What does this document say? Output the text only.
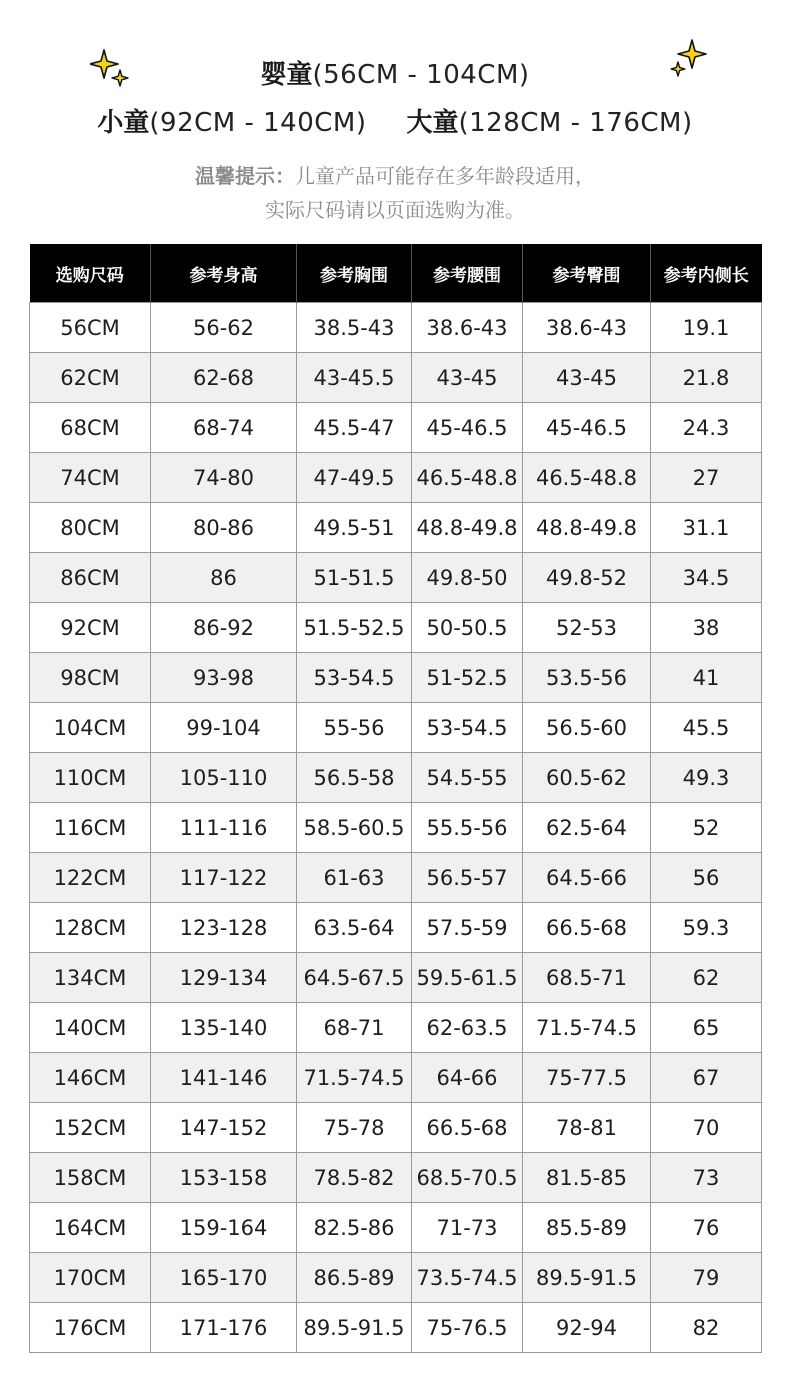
婴童(56CM - 104CM)
小童(92CM - 140CM) 大童(128CM - 176CM)
温馨提示：儿童产品可能存在多年龄段适用，
实际尺码请以页面选购为准。
选购尺码	参考身高	参考胸围	参考腰围	参考臀围	参考内侧长
56CM	56-62	38.5-43	38.6-43	38.6-43	19.1
62CM	62-68	43-45.5	43-45	43-45	21.8
68CM	68-74	45.5-47	45-46.5	45-46.5	24.3
74CM	74-80	47-49.5	46.5-48.8	46.5-48.8	27
80CM	80-86	49.5-51	48.8-49.8	48.8-49.8	31.1
86CM	86	51-51.5	49.8-50	49.8-52	34.5
92CM	86-92	51.5-52.5	50-50.5	52-53	38
98CM	93-98	53-54.5	51-52.5	53.5-56	41
104CM	99-104	55-56	53-54.5	56.5-60	45.5
110CM	105-110	56.5-58	54.5-55	60.5-62	49.3
116CM	111-116	58.5-60.5	55.5-56	62.5-64	52
122CM	117-122	61-63	56.5-57	64.5-66	56
128CM	123-128	63.5-64	57.5-59	66.5-68	59.3
134CM	129-134	64.5-67.5	59.5-61.5	68.5-71	62
140CM	135-140	68-71	62-63.5	71.5-74.5	65
146CM	141-146	71.5-74.5	64-66	75-77.5	67
152CM	147-152	75-78	66.5-68	78-81	70
158CM	153-158	78.5-82	68.5-70.5	81.5-85	73
164CM	159-164	82.5-86	71-73	85.5-89	76
170CM	165-170	86.5-89	73.5-74.5	89.5-91.5	79
176CM	171-176	89.5-91.5	75-76.5	92-94	82
